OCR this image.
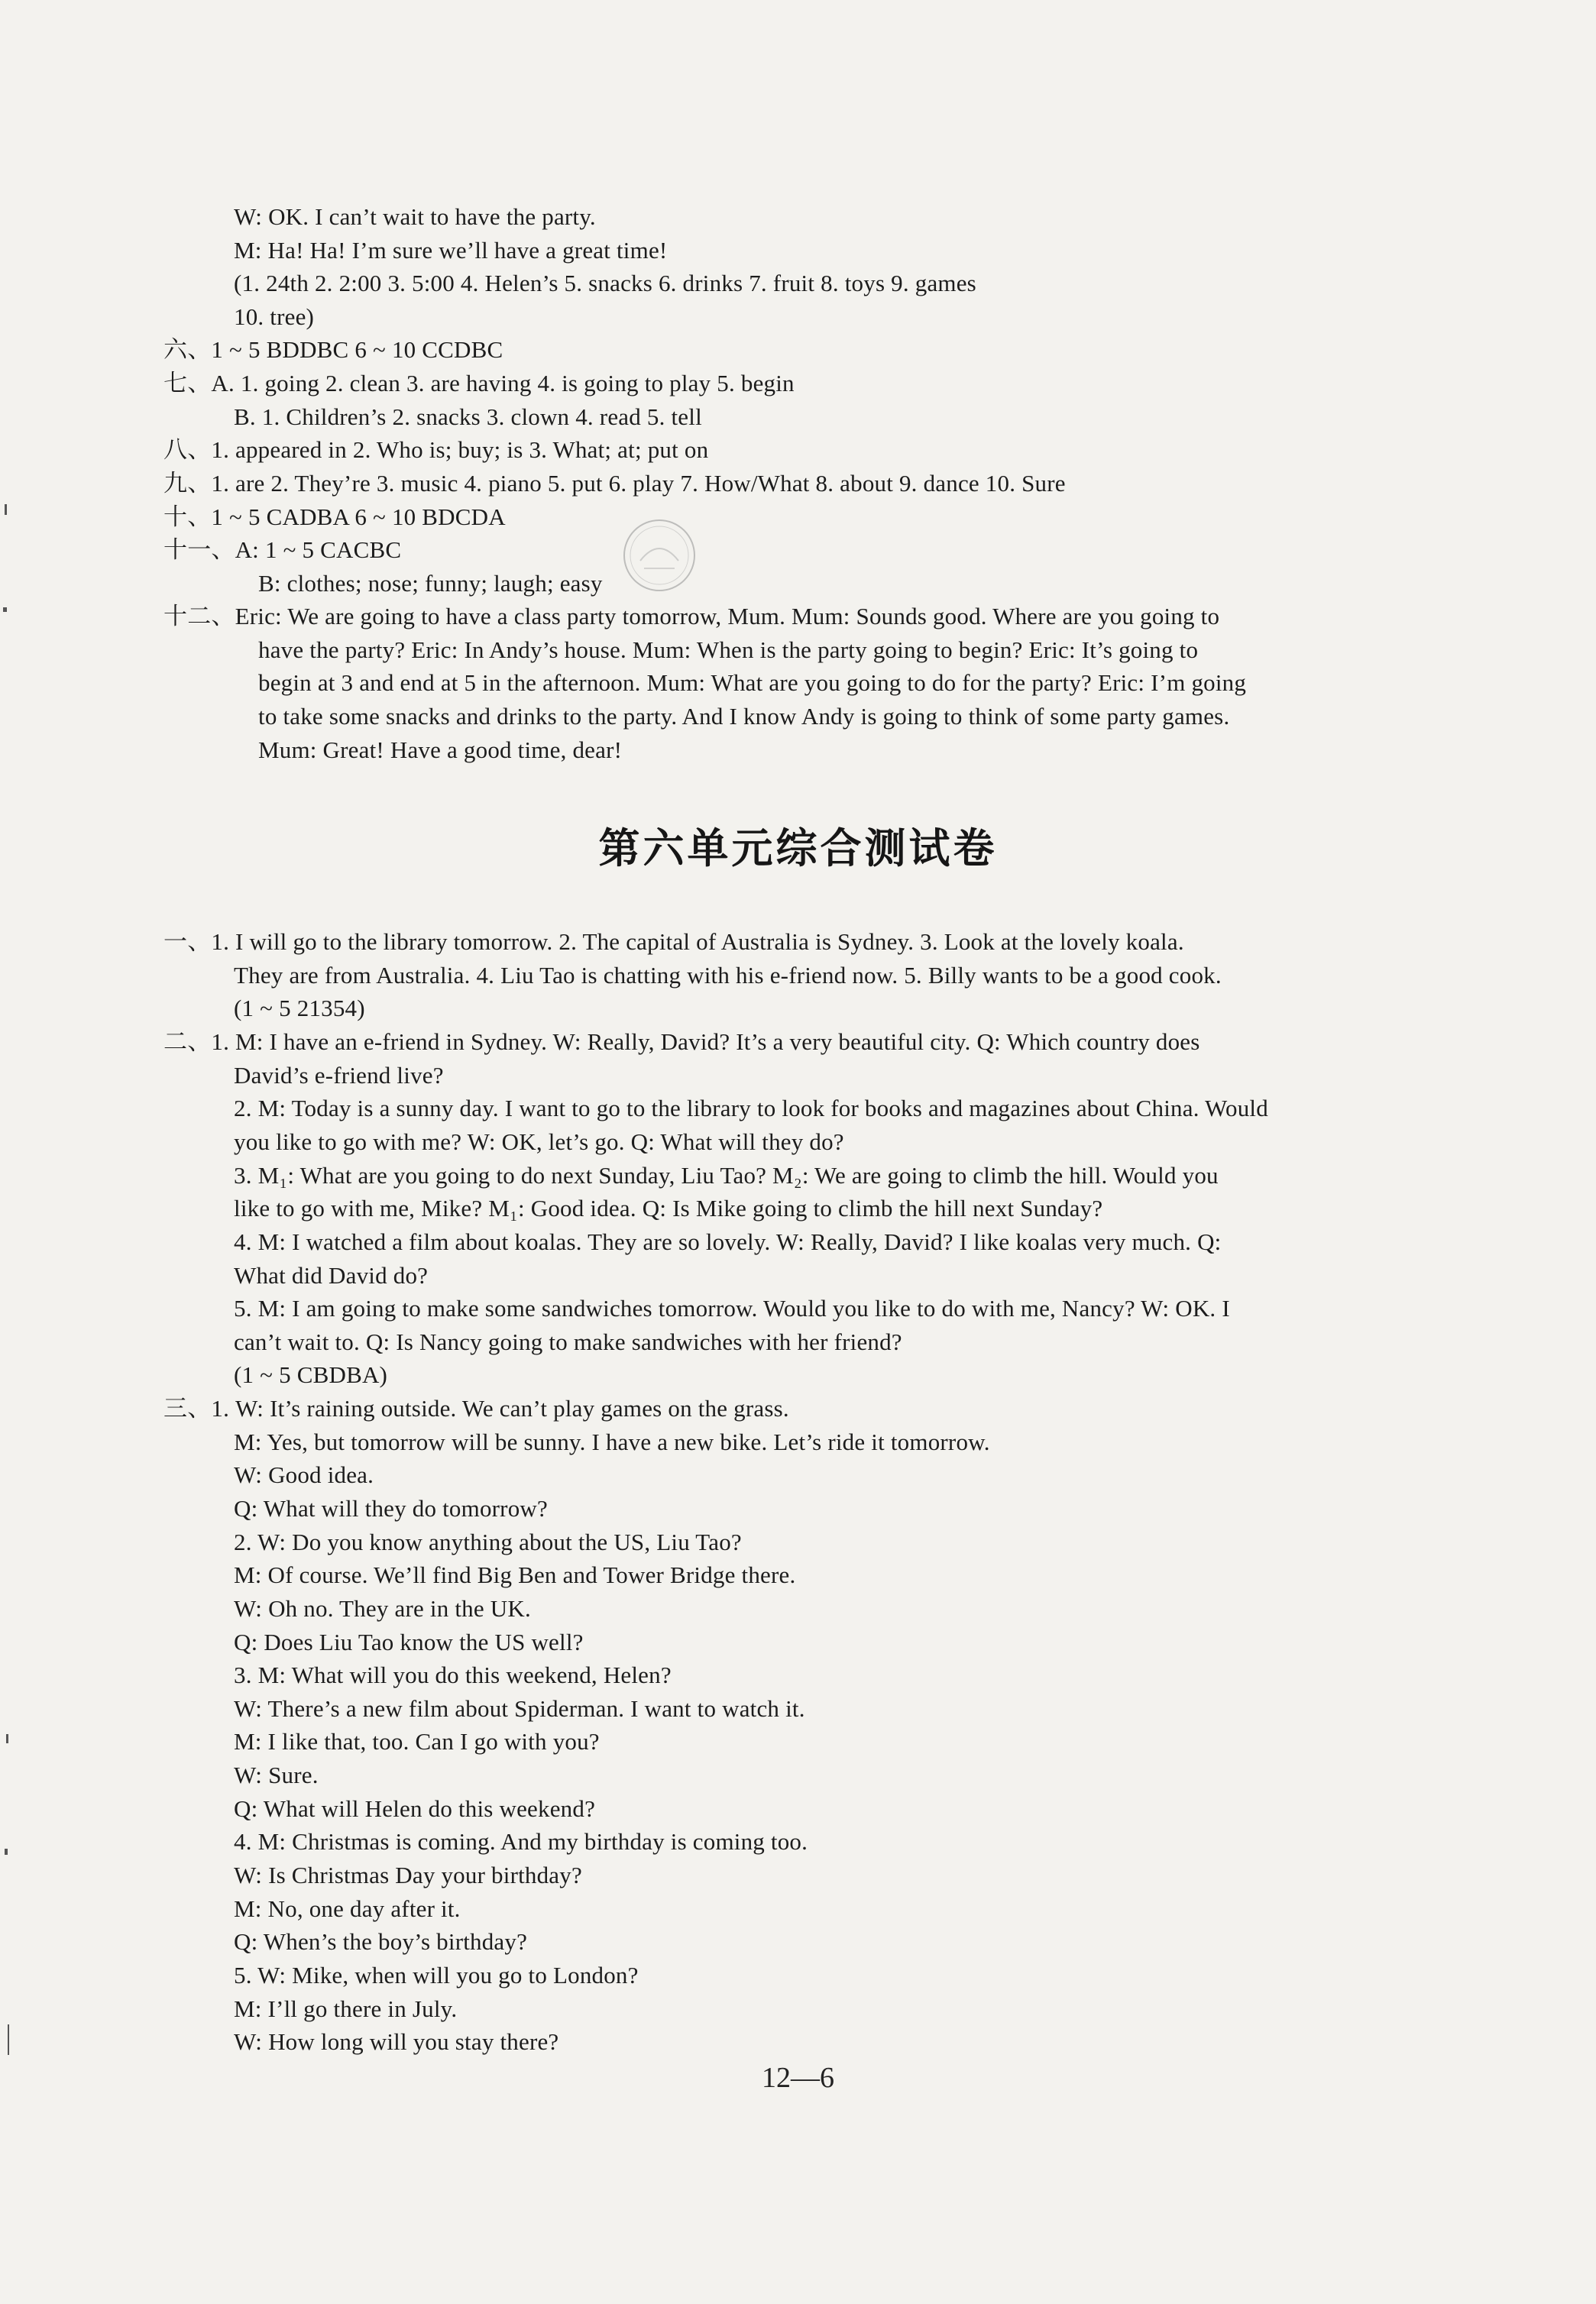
W: OK. I can’t wait to have the party.
M: Ha! Ha! I’m sure we’ll have a great time!
(1. 24th 2. 2:00 3. 5:00 4. Helen’s 5. snacks 6. drinks 7. fruit 8. toys 9. games
10. tree)
六、1 ~ 5 BDDBC 6 ~ 10 CCDBC
七、A. 1. going 2. clean 3. are having 4. is going to play 5. begin
B. 1. Children’s 2. snacks 3. clown 4. read 5. tell
八、1. appeared in 2. Who is; buy; is 3. What; at; put on
九、1. are 2. They’re 3. music 4. piano 5. put 6. play 7. How/What 8. about 9. dance 10. Sure
十、1 ~ 5 CADBA 6 ~ 10 BDCDA
十一、A: 1 ~ 5 CACBC
B: clothes; nose; funny; laugh; easy
十二、Eric: We are going to have a class party tomorrow, Mum. Mum: Sounds good. Where are you going to
have the party? Eric: In Andy’s house. Mum: When is the party going to begin? Eric: It’s going to
begin at 3 and end at 5 in the afternoon. Mum: What are you going to do for the party? Eric: I’m going
to take some snacks and drinks to the party. And I know Andy is going to think of some party games.
Mum: Great! Have a good time, dear!
第六单元综合测试卷
一、1. I will go to the library tomorrow. 2. The capital of Australia is Sydney. 3. Look at the lovely koala.
They are from Australia. 4. Liu Tao is chatting with his e-friend now. 5. Billy wants to be a good cook.
(1 ~ 5 21354)
二、1. M: I have an e-friend in Sydney. W: Really, David? It’s a very beautiful city. Q: Which country does
David’s e-friend live?
2. M: Today is a sunny day. I want to go to the library to look for books and magazines about China. Would
you like to go with me? W: OK, let’s go. Q: What will they do?
3. M₁: What are you going to do next Sunday, Liu Tao? M₂: We are going to climb the hill. Would you
like to go with me, Mike? M₁: Good idea. Q: Is Mike going to climb the hill next Sunday?
4. M: I watched a film about koalas. They are so lovely. W: Really, David? I like koalas very much. Q:
What did David do?
5. M: I am going to make some sandwiches tomorrow. Would you like to do with me, Nancy? W: OK. I
can’t wait to. Q: Is Nancy going to make sandwiches with her friend?
(1 ~ 5 CBDBA)
三、1. W: It’s raining outside. We can’t play games on the grass.
M: Yes, but tomorrow will be sunny. I have a new bike. Let’s ride it tomorrow.
W: Good idea.
Q: What will they do tomorrow?
2. W: Do you know anything about the US, Liu Tao?
M: Of course. We’ll find Big Ben and Tower Bridge there.
W: Oh no. They are in the UK.
Q: Does Liu Tao know the US well?
3. M: What will you do this weekend, Helen?
W: There’s a new film about Spiderman. I want to watch it.
M: I like that, too. Can I go with you?
W: Sure.
Q: What will Helen do this weekend?
4. M: Christmas is coming. And my birthday is coming too.
W: Is Christmas Day your birthday?
M: No, one day after it.
Q: When’s the boy’s birthday?
5. W: Mike, when will you go to London?
M: I’ll go there in July.
W: How long will you stay there?
12—6
